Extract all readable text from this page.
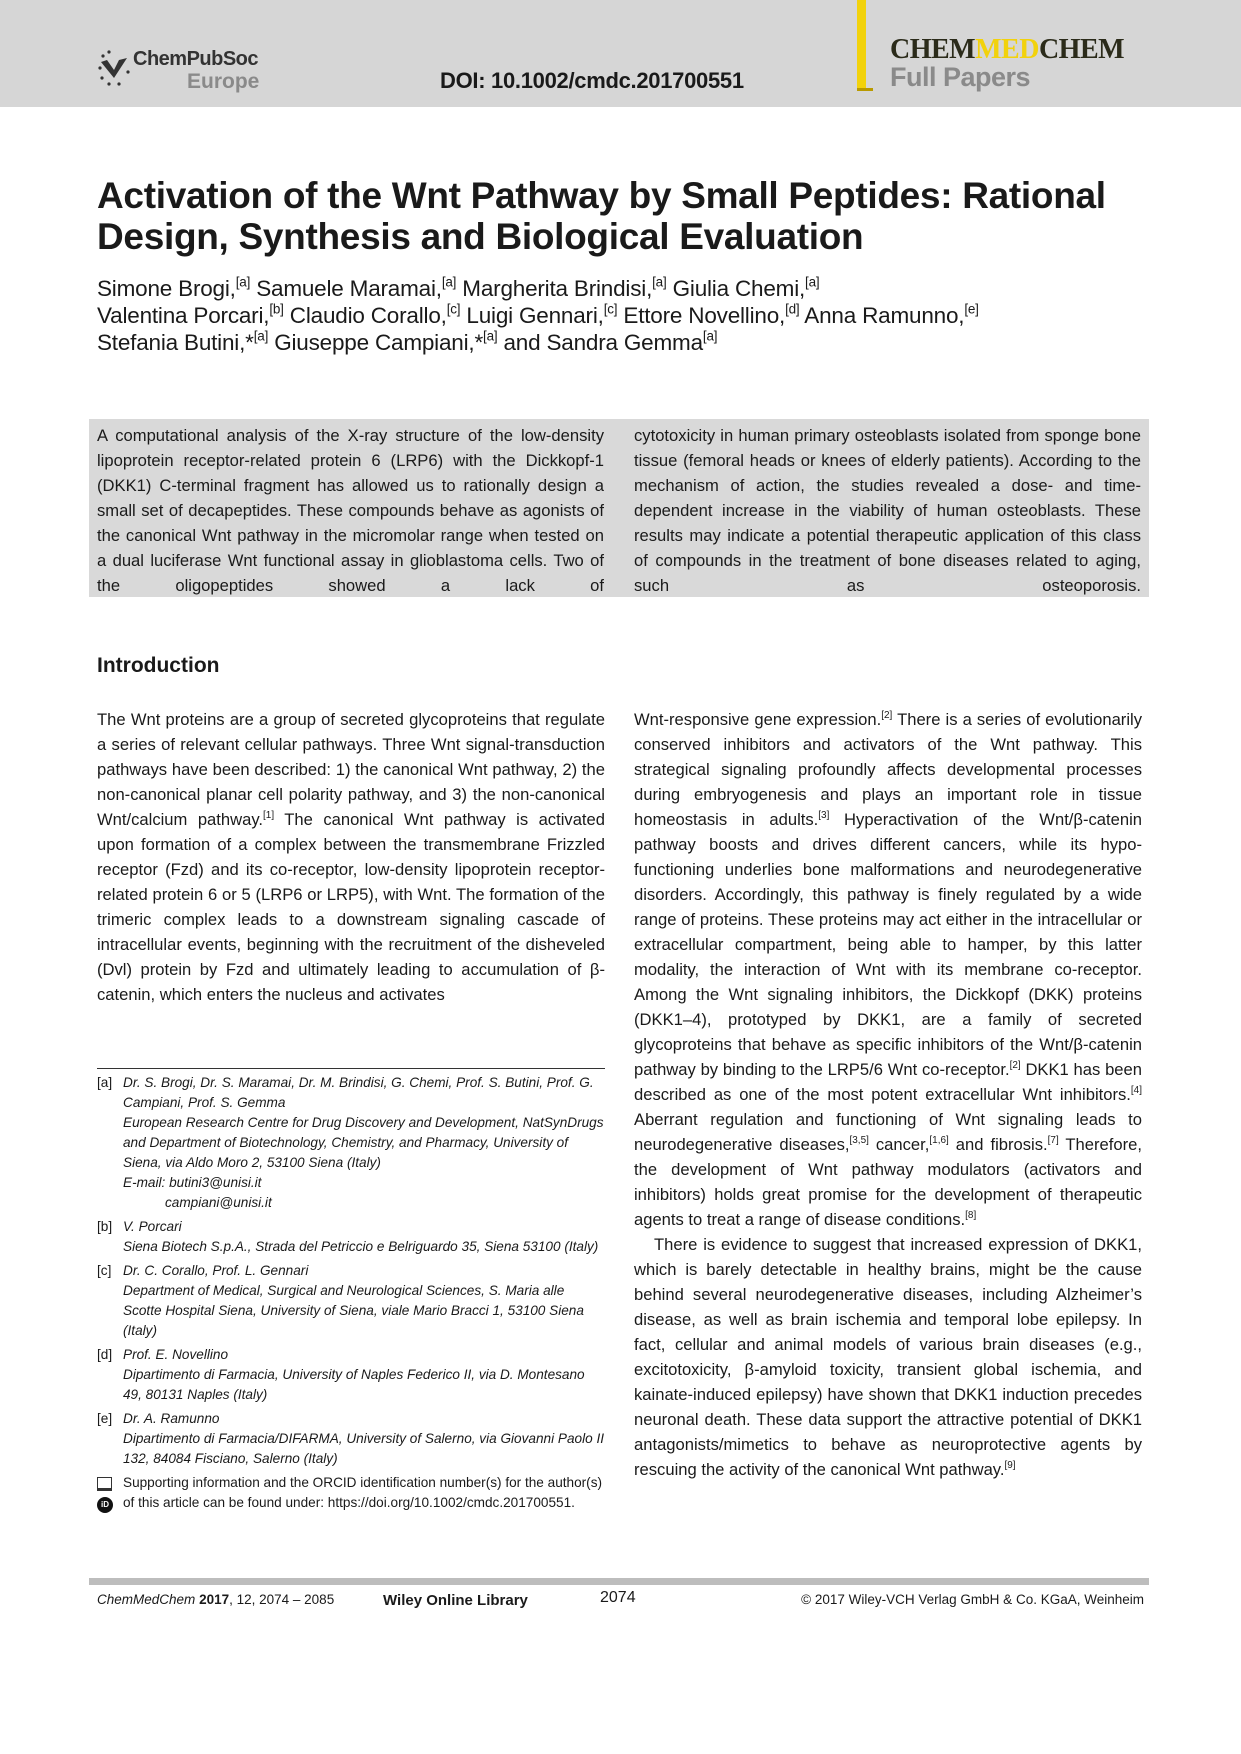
ChemPubSoc
Europe	DOI: 10.1002/cmdc.201700551
CHEMMEDCHEM
Full Papers
Activation of the Wnt Pathway by Small Peptides: Rational Design, Synthesis and Biological Evaluation
Simone Brogi,[a] Samuele Maramai,[a] Margherita Brindisi,[a] Giulia Chemi,[a]
Valentina Porcari,[b] Claudio Corallo,[c] Luigi Gennari,[c] Ettore Novellino,[d] Anna Ramunno,[e]
Stefania Butini,*[a] Giuseppe Campiani,*[a] and Sandra Gemma[a]
A computational analysis of the X-ray structure of the low-density lipoprotein receptor-related protein 6 (LRP6) with the Dickkopf-1 (DKK1) C-terminal fragment has allowed us to rationally design a small set of decapeptides. These compounds behave as agonists of the canonical Wnt pathway in the micromolar range when tested on a dual luciferase Wnt functional assay in glioblastoma cells. Two of the oligopeptides showed a lack of
cytotoxicity in human primary osteoblasts isolated from sponge bone tissue (femoral heads or knees of elderly patients). According to the mechanism of action, the studies revealed a dose- and time-dependent increase in the viability of human osteoblasts. These results may indicate a potential therapeutic application of this class of compounds in the treatment of bone diseases related to aging, such as osteoporosis.
Introduction

The Wnt proteins are a group of secreted glycoproteins that regulate a series of relevant cellular pathways. Three Wnt signal-transduction pathways have been described: 1) the canonical Wnt pathway, 2) the non-canonical planar cell polarity pathway, and 3) the non-canonical Wnt/calcium pathway.[1] The canonical Wnt pathway is activated upon formation of a complex between the transmembrane Frizzled receptor (Fzd) and its co-receptor, low-density lipoprotein receptor-related protein 6 or 5 (LRP6 or LRP5), with Wnt. The formation of the trimeric complex leads to a downstream signaling cascade of intracellular events, beginning with the recruitment of the disheveled (Dvl) protein by Fzd and ultimately leading to accumulation of β-catenin, which enters the nucleus and activates

Wnt-responsive gene expression.[2] There is a series of evolutionarily conserved inhibitors and activators of the Wnt pathway. This strategical signaling profoundly affects developmental processes during embryogenesis and plays an important role in tissue homeostasis in adults.[3] Hyperactivation of the Wnt/β-catenin pathway boosts and drives different cancers, while its hypo-functioning underlies bone malformations and neurodegenerative disorders. Accordingly, this pathway is finely regulated by a wide range of proteins. These proteins may act either in the intracellular or extracellular compartment, being able to hamper, by this latter modality, the interaction of Wnt with its membrane co-receptor. Among the Wnt signaling inhibitors, the Dickkopf (DKK) proteins (DKK1–4), prototyped by DKK1, are a family of secreted glycoproteins that behave as specific inhibitors of the Wnt/β-catenin pathway by binding to the LRP5/6 Wnt co-receptor.[2] DKK1 has been described as one of the most potent extracellular Wnt inhibitors.[4] Aberrant regulation and functioning of Wnt signaling leads to neurodegenerative diseases,[3,5] cancer,[1,6] and fibrosis.[7] Therefore, the development of Wnt pathway modulators (activators and inhibitors) holds great promise for the development of therapeutic agents to treat a range of disease conditions.[8]

There is evidence to suggest that increased expression of DKK1, which is barely detectable in healthy brains, might be the cause behind several neurodegenerative diseases, including Alzheimer’s disease, as well as brain ischemia and temporal lobe epilepsy. In fact, cellular and animal models of various brain diseases (e.g., excitotoxicity, β-amyloid toxicity, transient global ischemia, and kainate-induced epilepsy) have shown that DKK1 induction precedes neuronal death. These data support the attractive potential of DKK1 antagonists/mimetics to behave as neuroprotective agents by rescuing the activity of the canonical Wnt pathway.[9]

[a] Dr. S. Brogi, Dr. S. Maramai, Dr. M. Brindisi, G. Chemi, Prof. S. Butini, Prof. G. Campiani, Prof. S. Gemma
European Research Centre for Drug Discovery and Development, NatSynDrugs and Department of Biotechnology, Chemistry, and Pharmacy, University of Siena, via Aldo Moro 2, 53100 Siena (Italy)
E-mail: butini3@unisi.it
campiani@unisi.it
[b] V. Porcari
Siena Biotech S.p.A., Strada del Petriccio e Belriguardo 35, Siena 53100 (Italy)
[c] Dr. C. Corallo, Prof. L. Gennari
Department of Medical, Surgical and Neurological Sciences, S. Maria alle Scotte Hospital Siena, University of Siena, viale Mario Bracci 1, 53100 Siena (Italy)
[d] Prof. E. Novellino
Dipartimento di Farmacia, University of Naples Federico II, via D. Montesano 49, 80131 Naples (Italy)
[e] Dr. A. Ramunno
Dipartimento di Farmacia/DIFARMA, University of Salerno, via Giovanni Paolo II 132, 84084 Fisciano, Salerno (Italy)
iD
Supporting information and the ORCID identification number(s) for the author(s) of this article can be found under: https://doi.org/10.1002/cmdc.201700551.
ChemMedChem 2017, 12, 2074 – 2085	Wiley Online Library	2074	© 2017 Wiley-VCH Verlag GmbH & Co. KGaA, Weinheim
